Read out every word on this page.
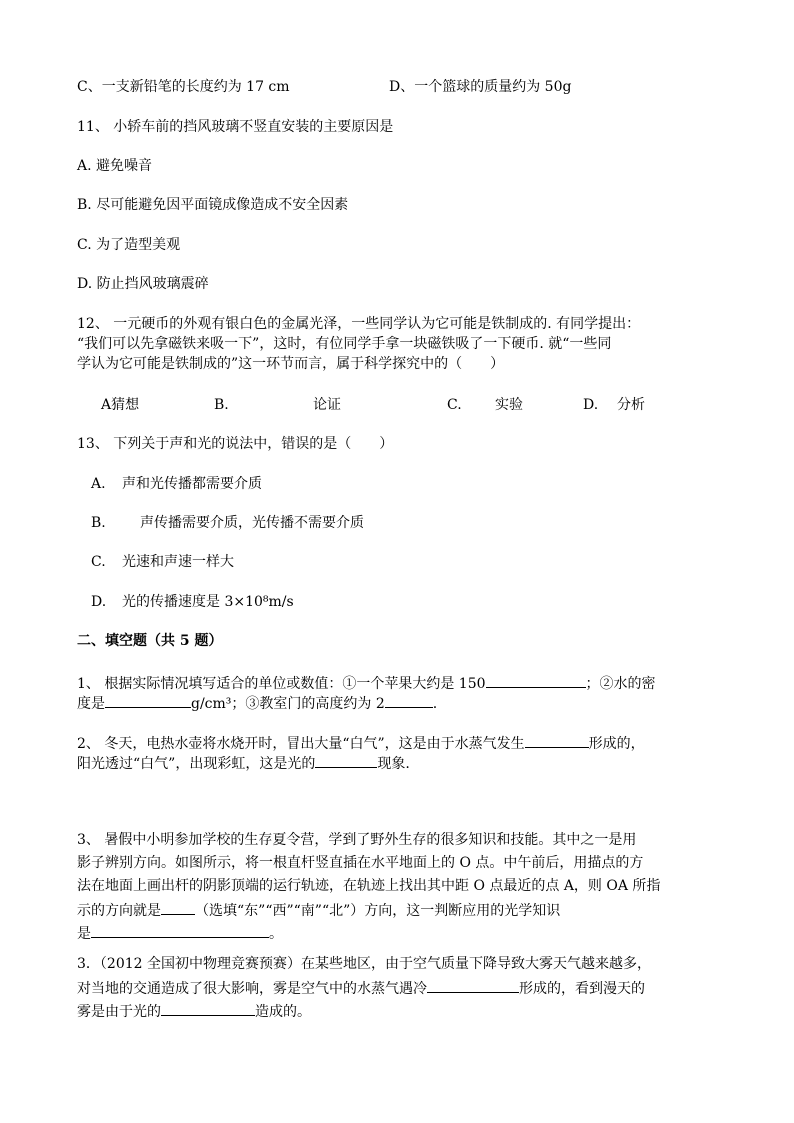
C、一支新铅笔的长度约为 17 cm	D、一个篮球的质量约为 50g
11、 小轿车前的挡风玻璃不竖直安装的主要原因是
A. 避免噪音
B. 尽可能避免因平面镜成像造成不安全因素
C. 为了造型美观
D. 防止挡风玻璃震碎
12、 一元硬币的外观有银白色的金属光泽，一些同学认为它可能是铁制成的. 有同学提出：
“我们可以先拿磁铁来吸一下”，这时，有位同学手拿一块磁铁吸了一下硬币. 就“一些同
学认为它可能是铁制成的”这一环节而言，属于科学探究中的（　　）
A猜想	B.	论证	C. 实验	D. 分析
13、 下列关于声和光的说法中，错误的是（　　）
A. 声和光传播都需要介质
B. 声传播需要介质，光传播不需要介质
C. 光速和声速一样大
D. 光的传播速度是 3×10⁸m/s
二、填空题（共 5 题）
1、 根据实际情况填写适合的单位或数值：①一个苹果大约是 150	；②水的密
度是	g/cm³；③教室门的高度约为 2	.
2、 冬天，电热水壶将水烧开时，冒出大量“白气”，这是由于水蒸气发生	形成的，
阳光透过“白气”，出现彩虹，这是光的	现象.
3、 暑假中小明参加学校的生存夏令营，学到了野外生存的很多知识和技能。其中之一是用
影子辨别方向。如图所示，将一根直杆竖直插在水平地面上的 O 点。中午前后，用描点的方
法在地面上画出杆的阴影顶端的运行轨迹，在轨迹上找出其中距 O 点最近的点 A，则 OA 所指
示的方向就是 （选填“东”“西”“南”“北”）方向，这一判断应用的光学知识
是	。
3．（2012 全国初中物理竞赛预赛）在某些地区，由于空气质量下降导致大雾天气越来越多，
对当地的交通造成了很大影响，雾是空气中的水蒸气遇冷	形成的，看到漫天的
雾是由于光的	造成的。
